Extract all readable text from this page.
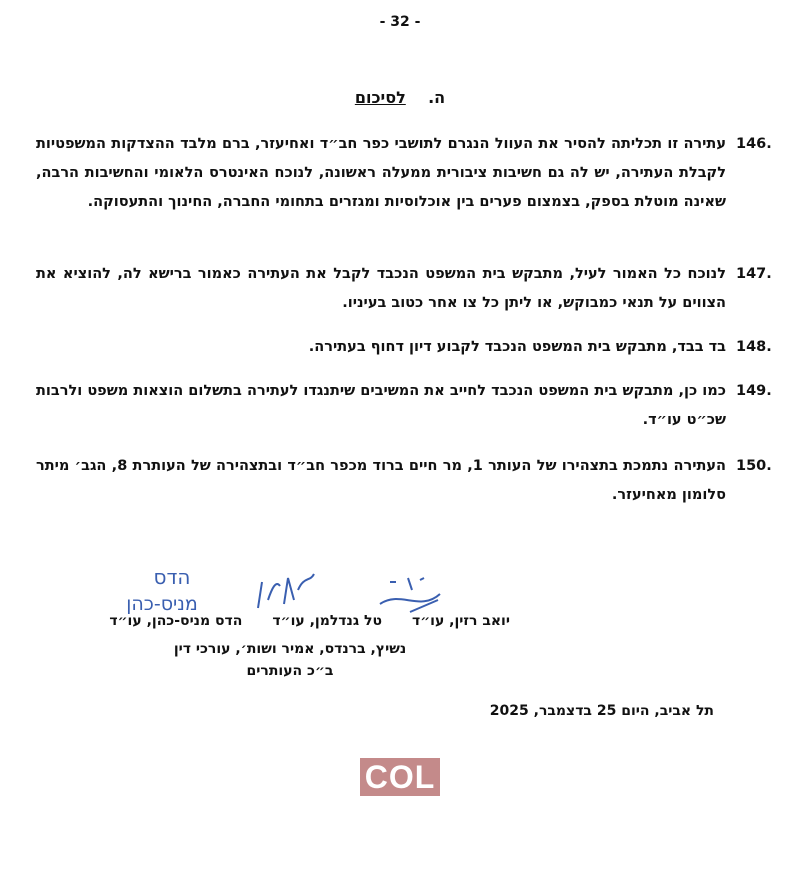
- 32 -
ה.    לסיכום
146.
עתירה זו תכליתה להסיר את העוול הנגרם לתושבי כפר חב״ד ואחיעזר, ברם מלבד ההצדקות המשפטיות לקבלת העתירה, יש לה גם חשיבות ציבורית ממעלה ראשונה, לנוכח האינטרס הלאומי והחשיבות הרבה, שאינה מוטלת בספק, בצמצום פערים בין אוכלוסיות ומגזרים בתחומי החברה, החינוך והתעסוקה.
147.
לנוכח כל האמור לעיל, מתבקש בית המשפט הנכבד לקבל את העתירה כאמור ברישא לה, להוציא את הצווים על תנאי כמבוקש, או ליתן כל צו אחר כטוב בעיניו.
148.
בד בבד, מתבקש בית המשפט הנכבד לקבוע דיון דחוף בעתירה.
149.
כמו כן, מתבקש בית המשפט הנכבד לחייב את המשיבים שיתנגדו לעתירה בתשלום הוצאות משפט ולרבות שכ״ט עו״ד.
150.
העתירה נתמכת בתצהירו של העותר 1, מר חיים ברוד מכפר חב״ד ובתצהירה של העותרת 8, הגב׳ מיתר סלומון מאחיעזר.
הדס
מניס-כהן
יואב רזין, עו״ד
טל גנדלמן, עו״ד
הדס מניס-כהן, עו״ד
נשיץ, ברנדס, אמיר ושות׳, עורכי דין
ב״כ העותרים
תל אביב, היום 25 בדצמבר, 2025
COL
